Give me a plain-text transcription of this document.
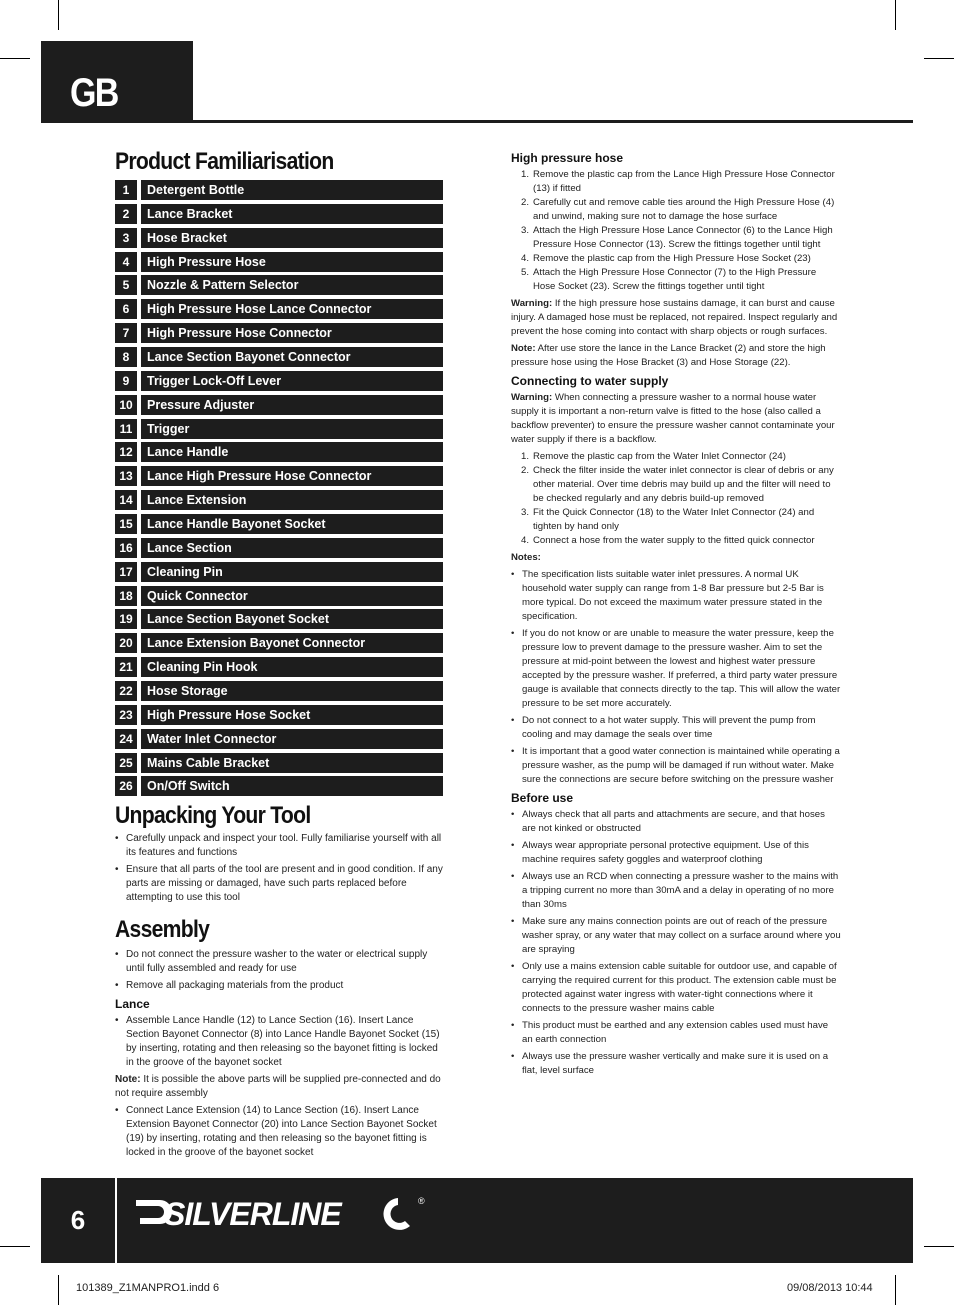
GB
Product Familiarisation
1	Detergent Bottle
2	Lance Bracket
3	Hose Bracket
4	High Pressure Hose
5	Nozzle & Pattern Selector
6	High Pressure Hose Lance Connector
7	High Pressure Hose Connector
8	Lance Section Bayonet Connector
9	Trigger Lock-Off Lever
10	Pressure Adjuster
11	Trigger
12	Lance Handle
13	Lance High Pressure Hose Connector
14	Lance Extension
15	Lance Handle Bayonet Socket
16	Lance Section
17	Cleaning Pin
18	Quick Connector
19	Lance Section Bayonet Socket
20	Lance Extension Bayonet Connector
21	Cleaning Pin Hook
22	Hose Storage
23	High Pressure Hose Socket
24	Water Inlet Connector
25	Mains Cable Bracket
26	On/Off Switch
Unpacking Your Tool
• Carefully unpack and inspect your tool. Fully familiarise yourself with all its features and functions
• Ensure that all parts of the tool are present and in good condition. If any parts are missing or damaged, have such parts replaced before attempting to use this tool
Assembly
• Do not connect the pressure washer to the water or electrical supply until fully assembled and ready for use
• Remove all packaging materials from the product
Lance
• Assemble Lance Handle (12) to Lance Section (16). Insert Lance Section Bayonet Connector (8) into Lance Handle Bayonet Socket (15) by inserting, rotating and then releasing so the bayonet fitting is locked in the groove of the bayonet socket

Note: It is possible the above parts will be supplied pre-connected and do not require assembly

• Connect Lance Extension (14) to Lance Section (16). Insert Lance Extension Bayonet Connector (20) into Lance Section Bayonet Socket (19) by inserting, rotating and then releasing so the bayonet fitting is locked in the groove of the bayonet socket
High pressure hose
1. Remove the plastic cap from the Lance High Pressure Hose Connector (13) if fitted
2. Carefully cut and remove cable ties around the High Pressure Hose (4) and unwind, making sure not to damage the hose surface
3. Attach the High Pressure Hose Lance Connector (6) to the Lance High Pressure Hose Connector (13). Screw the fittings together until tight
4. Remove the plastic cap from the High Pressure Hose Socket (23)
5. Attach the High Pressure Hose Connector (7) to the High Pressure Hose Socket (23). Screw the fittings together until tight

Warning: If the high pressure hose sustains damage, it can burst and cause injury. A damaged hose must be replaced, not repaired. Inspect regularly and prevent the hose coming into contact with sharp objects or rough surfaces.

Note: After use store the lance in the Lance Bracket (2) and store the high pressure hose using the Hose Bracket (3) and Hose Storage (22).

Connecting to water supply

Warning: When connecting a pressure washer to a normal house water supply it is important a non-return valve is fitted to the hose (also called a backflow preventer) to ensure the pressure washer cannot contaminate your water supply if there is a backflow.

1. Remove the plastic cap from the Water Inlet Connector (24)
2. Check the filter inside the water inlet connector is clear of debris or any other material. Over time debris may build up and the filter will need to be checked regularly and any debris build-up removed
3. Fit the Quick Connector (18) to the Water Inlet Connector (24) and tighten by hand only
4. Connect a hose from the water supply to the fitted quick connector

Notes:

• The specification lists suitable water inlet pressures. A normal UK household water supply can range from 1-8 Bar pressure but 2-5 Bar is more typical. Do not exceed the maximum water pressure stated in the specification.
• If you do not know or are unable to measure the water pressure, keep the pressure low to prevent damage to the pressure washer. Aim to set the pressure at mid-point between the lowest and highest water pressure accepted by the pressure washer. If preferred, a third party water pressure gauge is available that connects directly to the tap. This will allow the water pressure to be set more accurately.
• Do not connect to a hot water supply. This will prevent the pump from cooling and may damage the seals over time
• It is important that a good water connection is maintained while operating a pressure washer, as the pump will be damaged if run without water. Make sure the connections are secure before switching on the pressure washer
Before use
• Always check that all parts and attachments are secure, and that hoses are not kinked or obstructed
• Always wear appropriate personal protective equipment. Use of this machine requires safety goggles and waterproof clothing
• Always use an RCD when connecting a pressure washer to the mains with a tripping current no more than 30mA and a delay in operating of no more than 30ms
• Make sure any mains connection points are out of reach of the pressure washer spray, or any water that may collect on a surface around where you are spraying
• Only use a mains extension cable suitable for outdoor use, and capable of carrying the required current for this product. The extension cable must be protected against water ingress with water-tight connections where it connects to the pressure washer mains cable
• This product must be earthed and any extension cables used must have an earth connection
• Always use the pressure washer vertically and make sure it is used on a flat, level surface
6	SILVERLINE	®
101389_Z1MANPRO1.indd 6	09/08/2013 10:44
